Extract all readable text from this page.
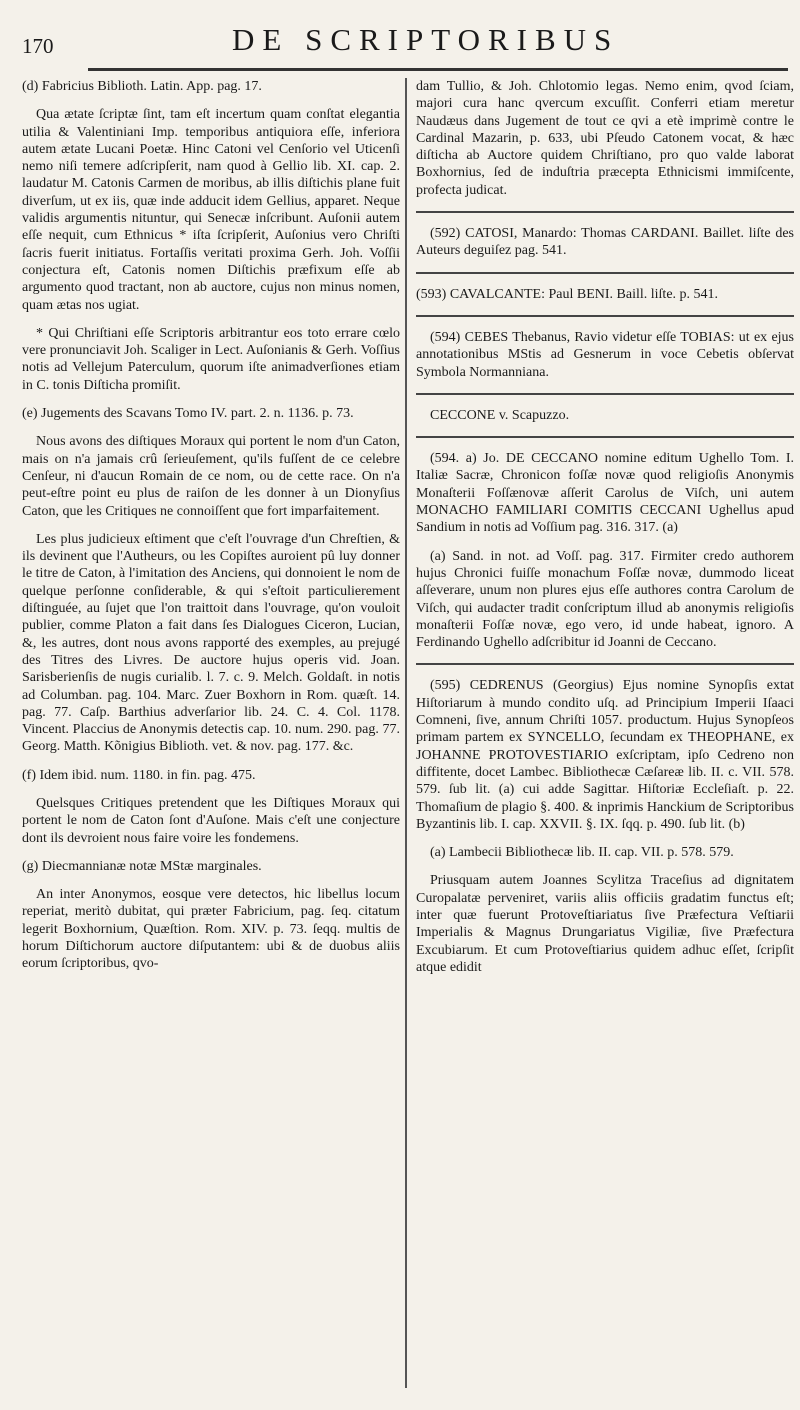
170	DE SCRIPTORIBUS

(d) Fabricius Biblioth. Latin. App. pag. 17.

Qua ætate ſcriptæ ſint, tam eſt incertum quam conſtat elegantia utilia & Valentiniani Imp. temporibus antiquiora eſſe, inferiora autem ætate Lucani Poetæ. Hinc Catoni vel Cenſorio vel Uticenſi nemo niſi temere adſcripſerit, nam quod à Gellio lib. XI. cap. 2. laudatur M. Catonis Carmen de moribus, ab illis diſtichis plane fuit diverſum, ut ex iis, quæ inde adducit idem Gellius, apparet. Neque validis argumentis nituntur, qui Senecæ inſcribunt. Auſonii autem eſſe nequit, cum Ethnicus * iſta ſcripſerit, Auſonius vero Chriſti ſacris fuerit initiatus. Fortaſſis veritati proxima Gerh. Joh. Voſſii conjectura eſt, Catonis nomen Diſtichis præfixum eſſe ab argumento quod tractant, non ab auctore, cujus non minus nomen, quam ætas nos ugiat.

* Qui Chriſtiani eſſe Scriptoris arbitrantur eos toto errare cœlo vere pronunciavit Joh. Scaliger in Lect. Auſonianis & Gerh. Voſſius notis ad Vellejum Paterculum, quorum iſte animadverſiones etiam in C. tonis Diſticha promiſit.

(e) Jugements des Scavans Tomo IV. part. 2. n. 1136. p. 73.

Nous avons des diſtiques Moraux qui portent le nom d'un Caton, mais on n'a jamais crû ſerieuſement, qu'ils fuſſent de ce celebre Cenſeur, ni d'aucun Romain de ce nom, ou de cette race. On n'a peut-eſtre point eu plus de raiſon de les donner à un Dionyſius Caton, que les Critiques ne connoiſſent que fort imparfaitement.

Les plus judicieux eſtiment que c'eſt l'ouvrage d'un Chreſtien, & ils devinent que l'Autheurs, ou les Copiſtes auroient pû luy donner le titre de Caton, à l'imitation des Anciens, qui donnoient le nom de quelque perſonne conſiderable, & qui s'eſtoit particulierement diſtinguée, au ſujet que l'on traittoit dans l'ouvrage, qu'on vouloit publier, comme Platon a fait dans ſes Dialogues Ciceron, Lucian, &, les autres, dont nous avons rapporté des exemples, au prejugé des Titres des Livres. De auctore hujus operis vid. Joan. Sarisberienſis de nugis curialib. l. 7. c. 9. Melch. Goldaſt. in notis ad Columban. pag. 104. Marc. Zuer Boxhorn in Rom. quæſt. 14. pag. 77. Caſp. Barthius adverſarior lib. 24. C. 4. Col. 1178. Vincent. Placcius de Anonymis detectis cap. 10. num. 290. pag. 77. Georg. Matth. Kõnigius Biblioth. vet. & nov. pag. 177. &c.

(f) Idem ibid. num. 1180. in fin. pag. 475.

Quelsques Critiques pretendent que les Diſtiques Moraux qui portent le nom de Caton ſont d'Auſone. Mais c'eſt une conjecture dont ils devroient nous faire voire les fondemens.

(g) Diecmannianæ notæ MStæ marginales.

An inter Anonymos, eosque vere detectos, hic libellus locum reperiat, meritò dubitat, qui præter Fabricium, pag. ſeq. citatum legerit Boxhornium, Quæſtion. Rom. XIV. p. 73. ſeqq. multis de horum Diſtichorum auctore diſputantem: ubi & de duobus aliis eorum ſcriptoribus, qvo-

dam Tullio, & Joh. Chlotomio legas. Nemo enim, qvod ſciam, majori cura hanc qvercum excuſſit. Conferri etiam meretur Naudæus dans Jugement de tout ce qvi a etè imprimè contre le Cardinal Mazarin, p. 633, ubi Pſeudo Catonem vocat, & hæc diſticha ab Auctore quidem Chriſtiano, pro quo valde laborat Boxhornius, ſed de induſtria præcepta Ethnicismi immiſcente, profecta judicat.

(592) CATOSI, Manardo: Thomas CARDANI. Baillet. liſte des Auteurs deguiſez pag. 541.

(593) CAVALCANTE: Paul BENI. Baill. liſte. p. 541.

(594) CEBES Thebanus, Ravio videtur eſſe TOBIAS: ut ex ejus annotationibus MStis ad Gesnerum in voce Cebetis obſervat Symbola Normanniana.

CECCONE v. Scapuzzo.

(594. a) Jo. DE CECCANO nomine editum Ughello Tom. I. Italiæ Sacræ, Chronicon foſſæ novæ quod religioſis Anonymis Monaſterii Foſſænovæ aſſerit Carolus de Viſch, uni autem MONACHO FAMILIARI COMITIS CECCANI Ughellus apud Sandium in notis ad Voſſium pag. 316. 317. (a)

(a) Sand. in not. ad Voſſ. pag. 317. Firmiter credo authorem hujus Chronici fuiſſe monachum Foſſæ novæ, dummodo liceat aſſeverare, unum non plures ejus eſſe authores contra Carolum de Viſch, qui audacter tradit conſcriptum illud ab anonymis religioſis monaſterii Foſſæ novæ, ego vero, id unde habeat, ignoro. A Ferdinando Ughello adſcribitur id Joanni de Ceccano.

(595) CEDRENUS (Georgius) Ejus nomine Synopſis extat Hiſtoriarum à mundo condito uſq. ad Principium Imperii Iſaaci Comneni, ſive, annum Chriſti 1057. productum. Hujus Synopſeos primam partem ex SYNCELLO, ſecundam ex THEOPHANE, ex JOHANNE PROTOVESTIARIO exſcriptam, ipſo Cedreno non diffitente, docet Lambec. Bibliothecæ Cæſareæ lib. II. c. VII. 578. 579. ſub lit. (a) cui adde Sagittar. Hiſtoriæ Eccleſiaſt. p. 22. Thomaſium de plagio §. 400. & inprimis Hanckium de Scriptoribus Byzantinis lib. I. cap. XXVII. §. IX. ſqq. p. 490. ſub lit. (b)

(a) Lambecii Bibliothecæ lib. II. cap. VII. p. 578. 579.

Priusquam autem Joannes Scylitza Traceſius ad dignitatem Curopalatæ perveniret, variis aliis officiis gradatim functus eſt; inter quæ fuerunt Protoveſtiariatus ſive Præfectura Veſtiarii Imperialis & Magnus Drungariatus Vigiliæ, ſive Præfectura Excubiarum. Et cum Protoveſtiarius quidem adhuc eſſet, ſcripſit atque edidit
